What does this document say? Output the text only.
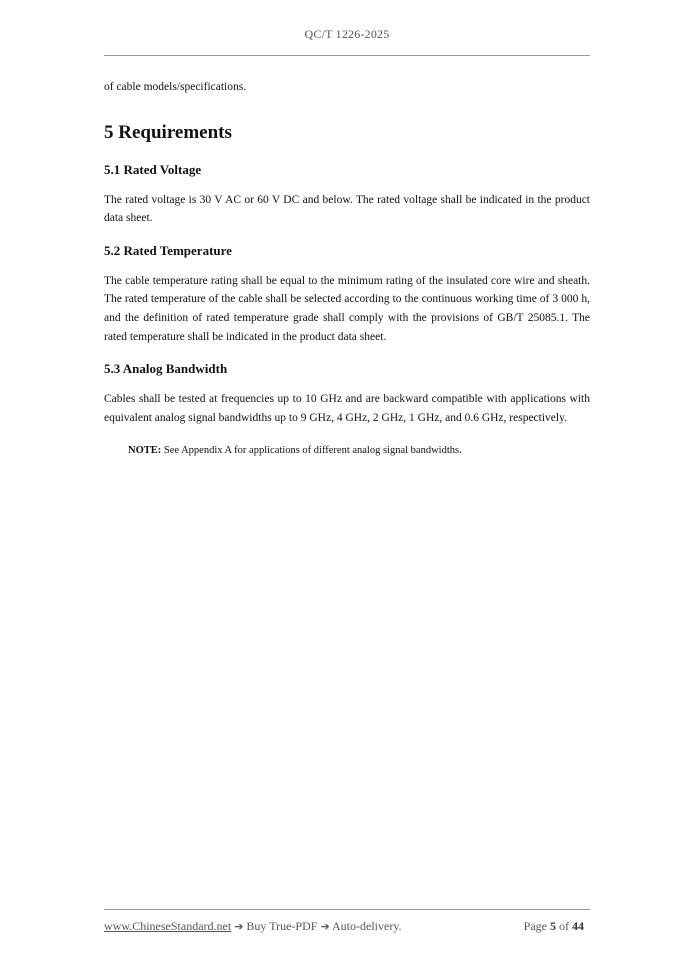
QC/T 1226-2025

of cable models/specifications.

5 Requirements
5.1 Rated Voltage

The rated voltage is 30 V AC or 60 V DC and below. The rated voltage shall be indicated in the product data sheet.

5.2 Rated Temperature

The cable temperature rating shall be equal to the minimum rating of the insulated core wire and sheath. The rated temperature of the cable shall be selected according to the continuous working time of 3 000 h, and the definition of rated temperature grade shall comply with the provisions of GB/T 25085.1. The rated temperature shall be indicated in the product data sheet.

5.3 Analog Bandwidth

Cables shall be tested at frequencies up to 10 GHz and are backward compatible with applications with equivalent analog signal bandwidths up to 9 GHz, 4 GHz, 2 GHz, 1 GHz, and 0.6 GHz, respectively.

NOTE: See Appendix A for applications of different analog signal bandwidths.

www.ChineseStandard.net ➔ Buy True-PDF ➔ Auto-delivery.	Page 5 of 44
